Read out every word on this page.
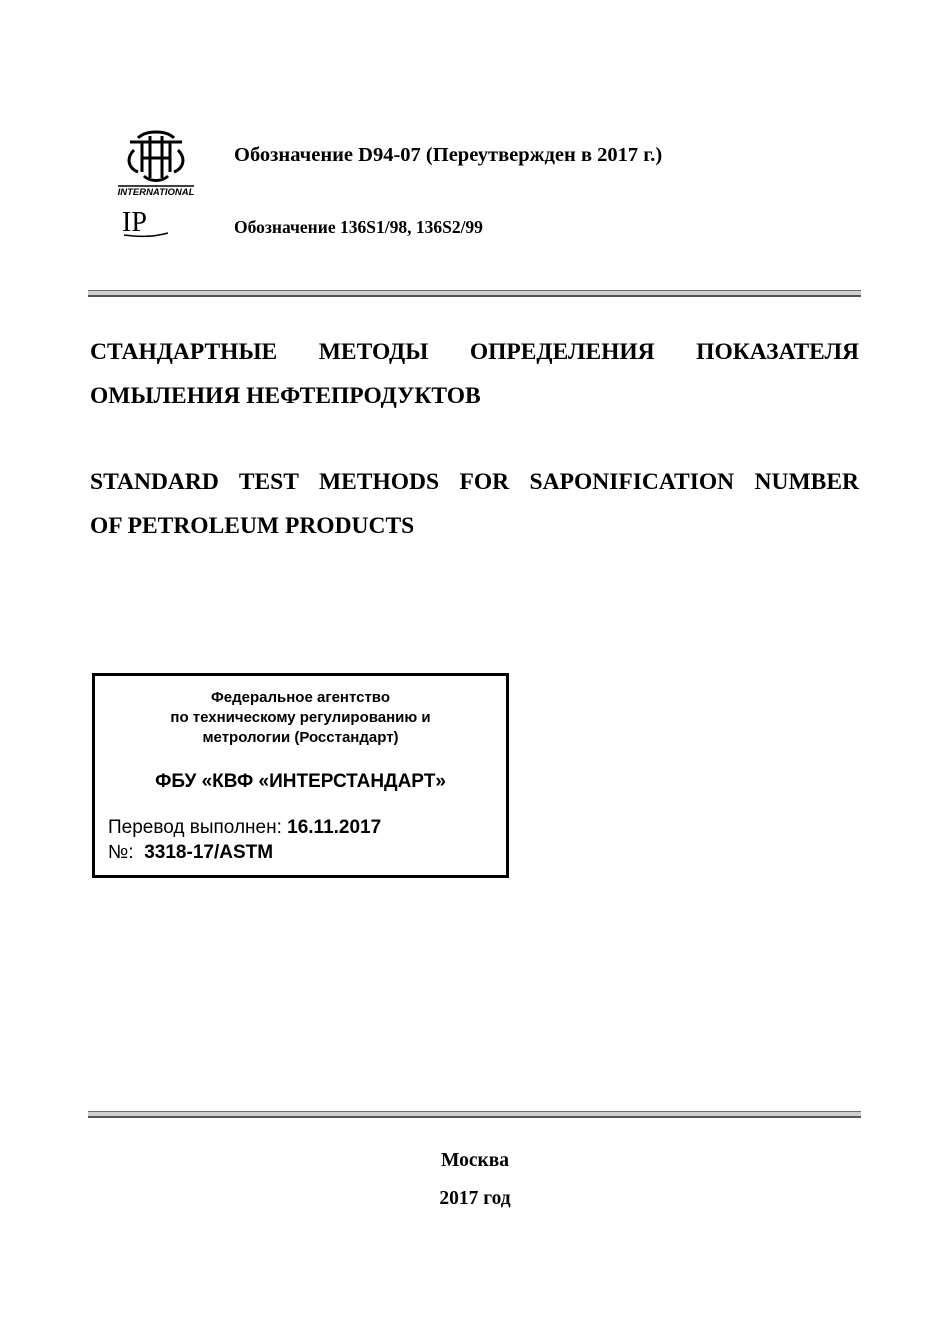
INTERNATIONAL
IP
Обозначение D94-07 (Переутвержден в 2017 г.)
Обозначение 136S1/98, 136S2/99
СТАНДАРТНЫЕ МЕТОДЫ ОПРЕДЕЛЕНИЯ ПОКАЗАТЕЛЯ
ОМЫЛЕНИЯ НЕФТЕПРОДУКТОВ
STANDARD TEST METHODS FOR SAPONIFICATION NUMBER
OF PETROLEUM PRODUCTS
Федеральное агентство
по техническому регулированию и
метрологии (Росстандарт)
ФБУ «КВФ «ИНТЕРСТАНДАРТ»
Перевод выполнен: 16.11.2017
№:  3318-17/ASTM
Москва
2017 год
